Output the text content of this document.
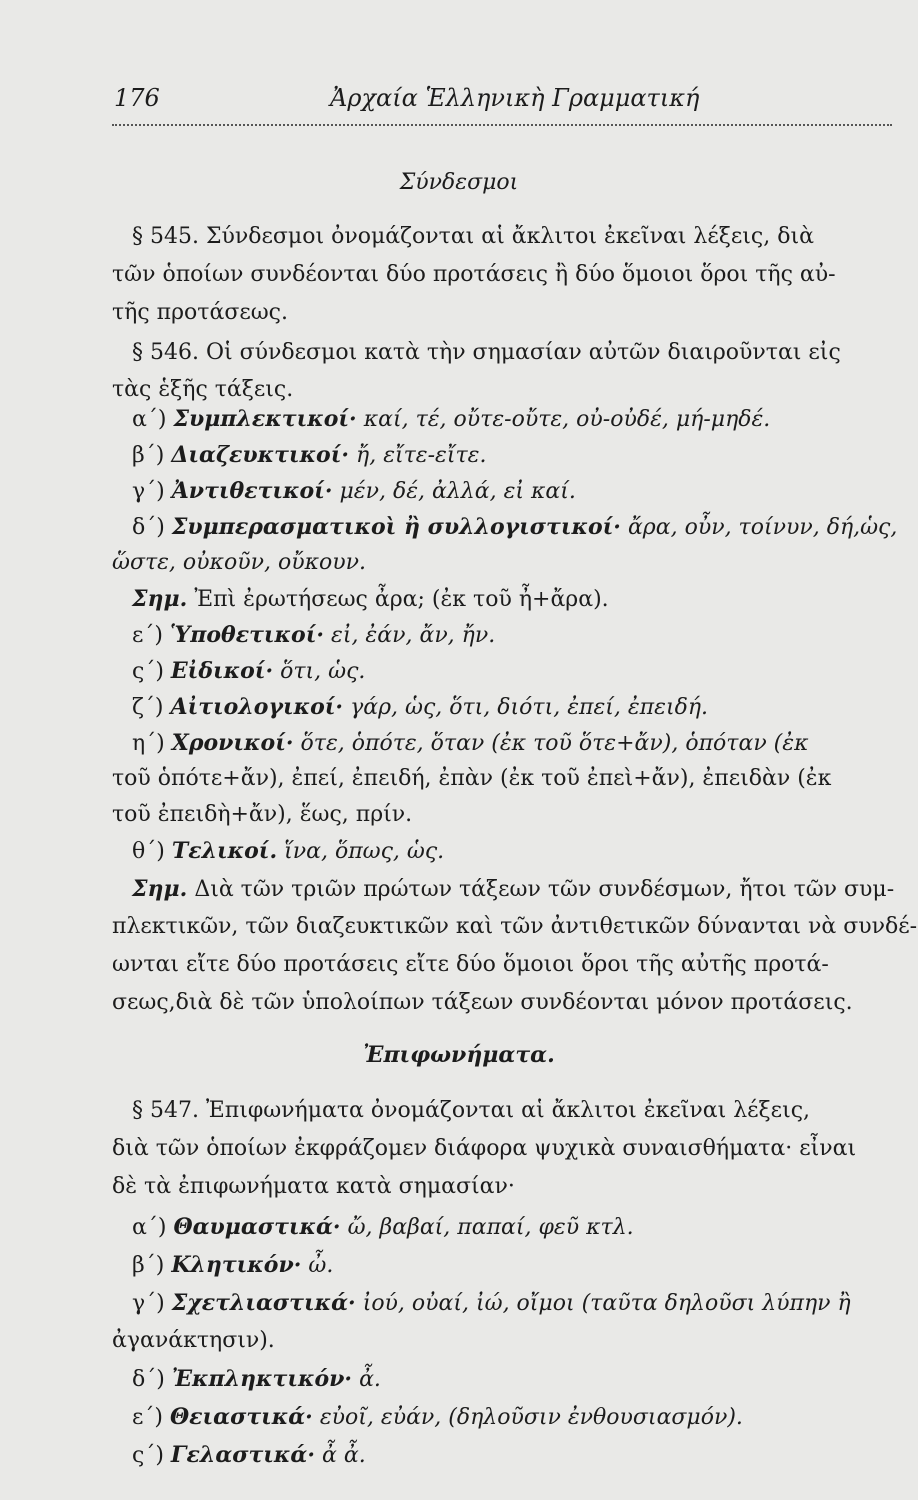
176	Ἀρχαία Ἑλληνικὴ Γραμματική
Σύνδεσμοι
§ 545. Σύνδεσμοι ὀνομάζονται αἱ ἄκλιτοι ἐκεῖναι λέξεις, διὰ
τῶν ὁποίων συνδέονται δύο προτάσεις ἢ δύο ὅμοιοι ὅροι τῆς αὐ-
τῆς προτάσεως.
§ 546. Οἱ σύνδεσμοι κατὰ τὴν σημασίαν αὐτῶν διαιροῦνται εἰς
τὰς ἑξῆς τάξεις.
α΄) Συμπλεκτικοί· καί, τέ, οὔτε-οὔτε, οὐ-οὐδέ, μή-μηδέ.
β΄) Διαζευκτικοί· ἤ, εἴτε-εἴτε.
γ΄) Ἀντιθετικοί· μέν, δέ, ἀλλά, εἰ καί.
δ΄) Συμπερασματικοὶ ἢ συλλογιστικοί· ἄρα, οὖν, τοίνυν, δή,ὡς,
ὥστε, οὐκοῦν, οὔκουν.
Σημ. Ἐπὶ ἐρωτήσεως ἆρα; (ἐκ τοῦ ἦ+ἄρα).
ε΄) Ὑποθετικοί· εἰ, ἐάν, ἄν, ἤν.
ς΄) Εἰδικοί· ὅτι, ὡς.
ζ΄) Αἰτιολογικοί· γάρ, ὡς, ὅτι, διότι, ἐπεί, ἐπειδή.
η΄) Χρονικοί· ὅτε, ὁπότε, ὅταν (ἐκ τοῦ ὅτε+ἄν), ὁπόταν (ἐκ
τοῦ ὁπότε+ἄν), ἐπεί, ἐπειδή, ἐπὰν (ἐκ τοῦ ἐπεὶ+ἄν), ἐπειδὰν (ἐκ
τοῦ ἐπειδὴ+ἄν), ἕως, πρίν.
θ΄) Τελικοί. ἵνα, ὅπως, ὡς.
Σημ. Διὰ τῶν τριῶν πρώτων τάξεων τῶν συνδέσμων, ἤτοι τῶν συμ-
πλεκτικῶν, τῶν διαζευκτικῶν καὶ τῶν ἀντιθετικῶν δύνανται νὰ συνδέ-
ωνται εἴτε δύο προτάσεις εἴτε δύο ὅμοιοι ὅροι τῆς αὐτῆς προτά-
σεως,διὰ δὲ τῶν ὑπολοίπων τάξεων συνδέονται μόνον προτάσεις.
Ἐπιφωνήματα.
§ 547. Ἐπιφωνήματα ὀνομάζονται αἱ ἄκλιτοι ἐκεῖναι λέξεις,
διὰ τῶν ὁποίων ἐκφράζομεν διάφορα ψυχικὰ συναισθήματα· εἶναι
δὲ τὰ ἐπιφωνήματα κατὰ σημασίαν·
α΄) Θαυμαστικά· ὤ, βαβαί, παπαί, φεῦ κτλ.
β΄) Κλητικόν· ὦ.
γ΄) Σχετλιαστικά· ἰού, οὐαί, ἰώ, οἴμοι (ταῦτα δηλοῦσι λύπην ἢ
ἀγανάκτησιν).
δ΄) Ἐκπληκτικόν· ἆ.
ε΄) Θειαστικά· εὐοῖ, εὐάν, (δηλοῦσιν ἐνθουσιασμόν).
ς΄) Γελαστικά· ἆ ἆ.
